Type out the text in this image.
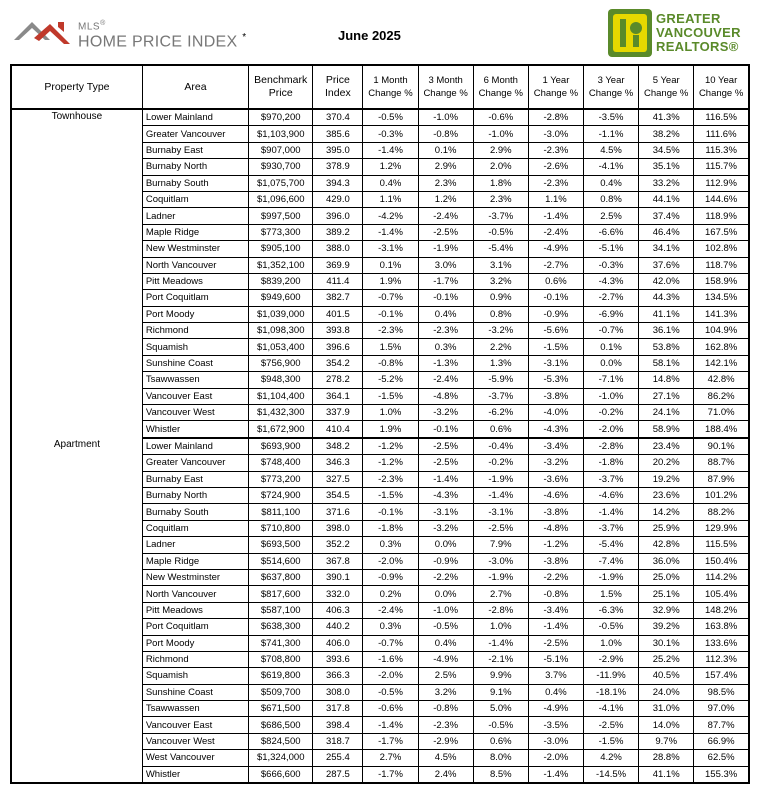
MLS®
HOME PRICE INDEX *	June 2025
GREATER
VANCOUVER
REALTORS®
Property Type	Area	Benchmark Price	Price Index	1 Month Change %	3 Month Change %	6 Month Change %	1 Year Change %	3 Year Change %	5 Year Change %	10 Year Change %
Townhouse	Lower Mainland	$970,200	370.4	-0.5%	-1.0%	-0.6%	-2.8%	-3.5%	41.3%	116.5%
	Greater Vancouver	$1,103,900	385.6	-0.3%	-0.8%	-1.0%	-3.0%	-1.1%	38.2%	111.6%
	Burnaby East	$907,000	395.0	-1.4%	0.1%	2.9%	-2.3%	4.5%	34.5%	115.3%
	Burnaby North	$930,700	378.9	1.2%	2.9%	2.0%	-2.6%	-4.1%	35.1%	115.7%
	Burnaby South	$1,075,700	394.3	0.4%	2.3%	1.8%	-2.3%	0.4%	33.2%	112.9%
	Coquitlam	$1,096,600	429.0	1.1%	1.2%	2.3%	1.1%	0.8%	44.1%	144.6%
	Ladner	$997,500	396.0	-4.2%	-2.4%	-3.7%	-1.4%	2.5%	37.4%	118.9%
	Maple Ridge	$773,300	389.2	-1.4%	-2.5%	-0.5%	-2.4%	-6.6%	46.4%	167.5%
	New Westminster	$905,100	388.0	-3.1%	-1.9%	-5.4%	-4.9%	-5.1%	34.1%	102.8%
	North Vancouver	$1,352,100	369.9	0.1%	3.0%	3.1%	-2.7%	-0.3%	37.6%	118.7%
	Pitt Meadows	$839,200	411.4	1.9%	-1.7%	3.2%	0.6%	-4.3%	42.0%	158.9%
	Port Coquitlam	$949,600	382.7	-0.7%	-0.1%	0.9%	-0.1%	-2.7%	44.3%	134.5%
	Port Moody	$1,039,000	401.5	-0.1%	0.4%	0.8%	-0.9%	-6.9%	41.1%	141.3%
	Richmond	$1,098,300	393.8	-2.3%	-2.3%	-3.2%	-5.6%	-0.7%	36.1%	104.9%
	Squamish	$1,053,400	396.6	1.5%	0.3%	2.2%	-1.5%	0.1%	53.8%	162.8%
	Sunshine Coast	$756,900	354.2	-0.8%	-1.3%	1.3%	-3.1%	0.0%	58.1%	142.1%
	Tsawwassen	$948,300	278.2	-5.2%	-2.4%	-5.9%	-5.3%	-7.1%	14.8%	42.8%
	Vancouver East	$1,104,400	364.1	-1.5%	-4.8%	-3.7%	-3.8%	-1.0%	27.1%	86.2%
	Vancouver West	$1,432,300	337.9	1.0%	-3.2%	-6.2%	-4.0%	-0.2%	24.1%	71.0%
	Whistler	$1,672,900	410.4	1.9%	-0.1%	0.6%	-4.3%	-2.0%	58.9%	188.4%
Apartment	Lower Mainland	$693,900	348.2	-1.2%	-2.5%	-0.4%	-3.4%	-2.8%	23.4%	90.1%
	Greater Vancouver	$748,400	346.3	-1.2%	-2.5%	-0.2%	-3.2%	-1.8%	20.2%	88.7%
	Burnaby East	$773,200	327.5	-2.3%	-1.4%	-1.9%	-3.6%	-3.7%	19.2%	87.9%
	Burnaby North	$724,900	354.5	-1.5%	-4.3%	-1.4%	-4.6%	-4.6%	23.6%	101.2%
	Burnaby South	$811,100	371.6	-0.1%	-3.1%	-3.1%	-3.8%	-1.4%	14.2%	88.2%
	Coquitlam	$710,800	398.0	-1.8%	-3.2%	-2.5%	-4.8%	-3.7%	25.9%	129.9%
	Ladner	$693,500	352.2	0.3%	0.0%	7.9%	-1.2%	-5.4%	42.8%	115.5%
	Maple Ridge	$514,600	367.8	-2.0%	-0.9%	-3.0%	-3.8%	-7.4%	36.0%	150.4%
	New Westminster	$637,800	390.1	-0.9%	-2.2%	-1.9%	-2.2%	-1.9%	25.0%	114.2%
	North Vancouver	$817,600	332.0	0.2%	0.0%	2.7%	-0.8%	1.5%	25.1%	105.4%
	Pitt Meadows	$587,100	406.3	-2.4%	-1.0%	-2.8%	-3.4%	-6.3%	32.9%	148.2%
	Port Coquitlam	$638,300	440.2	0.3%	-0.5%	1.0%	-1.4%	-0.5%	39.2%	163.8%
	Port Moody	$741,300	406.0	-0.7%	0.4%	-1.4%	-2.5%	1.0%	30.1%	133.6%
	Richmond	$708,800	393.6	-1.6%	-4.9%	-2.1%	-5.1%	-2.9%	25.2%	112.3%
	Squamish	$619,800	366.3	-2.0%	2.5%	9.9%	3.7%	-11.9%	40.5%	157.4%
	Sunshine Coast	$509,700	308.0	-0.5%	3.2%	9.1%	0.4%	-18.1%	24.0%	98.5%
	Tsawwassen	$671,500	317.8	-0.6%	-0.8%	5.0%	-4.9%	-4.1%	31.0%	97.0%
	Vancouver East	$686,500	398.4	-1.4%	-2.3%	-0.5%	-3.5%	-2.5%	14.0%	87.7%
	Vancouver West	$824,500	318.7	-1.7%	-2.9%	0.6%	-3.0%	-1.5%	9.7%	66.9%
	West Vancouver	$1,324,000	255.4	2.7%	4.5%	8.0%	-2.0%	4.2%	28.8%	62.5%
	Whistler	$666,600	287.5	-1.7%	2.4%	8.5%	-1.4%	-14.5%	41.1%	155.3%
